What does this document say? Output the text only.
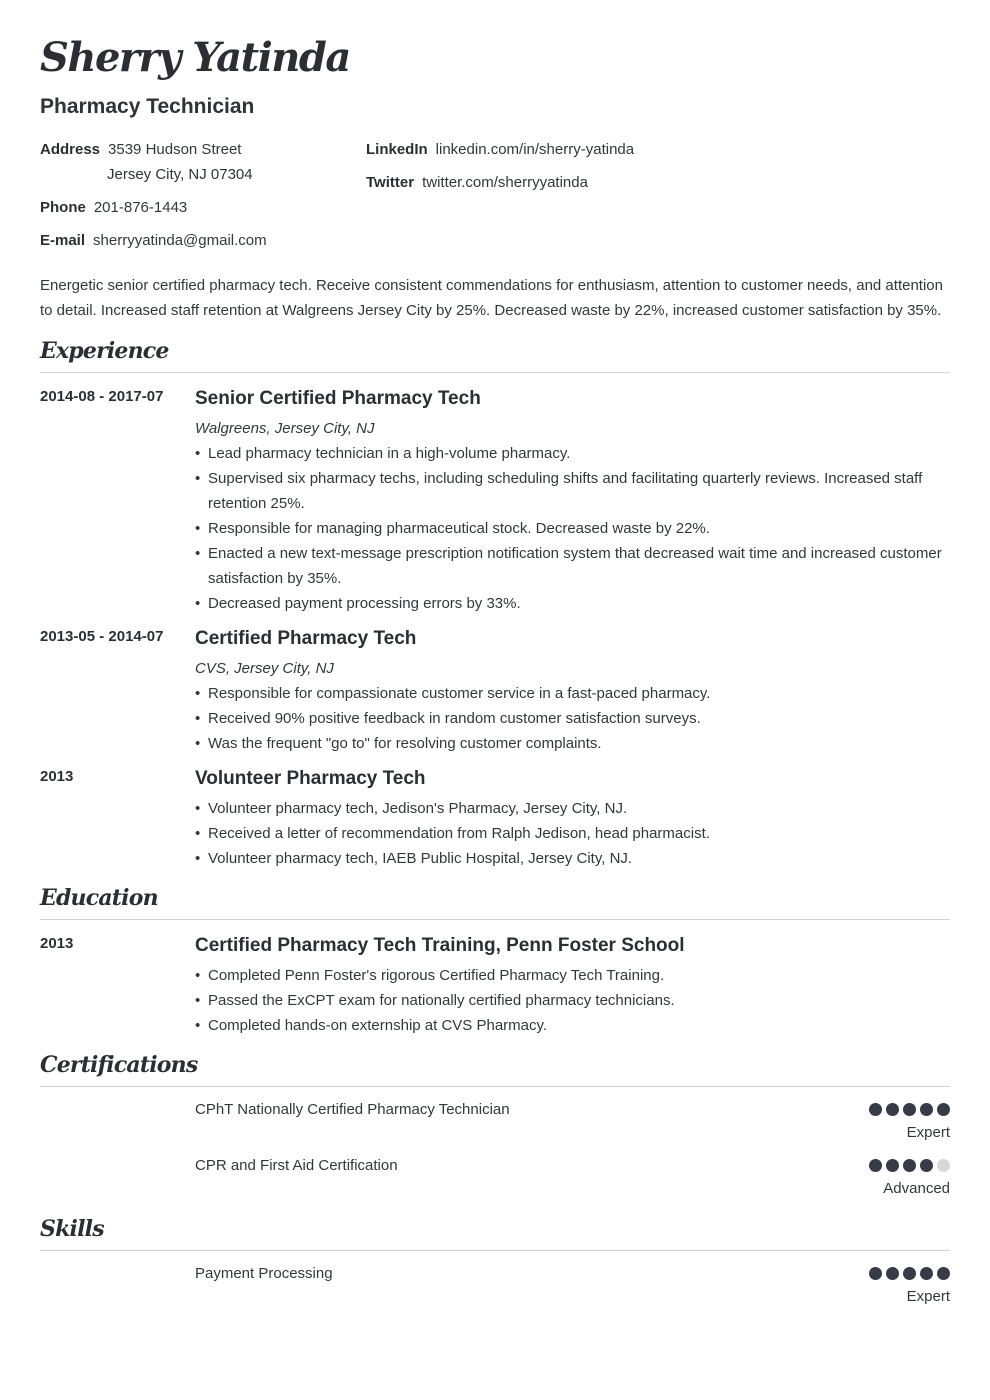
Sherry Yatinda
Pharmacy Technician
Address 3539 Hudson Street
Jersey City, NJ 07304
Phone 201-876-1443
E-mail sherryyatinda@gmail.com
LinkedIn linkedin.com/in/sherry-yatinda
Twitter twitter.com/sherryyatinda

Energetic senior certified pharmacy tech. Receive consistent commendations for enthusiasm, attention to customer needs, and attention to detail. Increased staff retention at Walgreens Jersey City by 25%. Decreased waste by 22%, increased customer satisfaction by 35%.

Experience
2014-08 - 2017-07 Senior Certified Pharmacy Tech

Walgreens, Jersey City, NJ

• Lead pharmacy technician in a high-volume pharmacy.
• Supervised six pharmacy techs, including scheduling shifts and facilitating quarterly reviews. Increased staff retention 25%.
• Responsible for managing pharmaceutical stock. Decreased waste by 22%.
• Enacted a new text-message prescription notification system that decreased wait time and increased customer satisfaction by 35%.
• Decreased payment processing errors by 33%.
2013-05 - 2014-07 Certified Pharmacy Tech

CVS, Jersey City, NJ

• Responsible for compassionate customer service in a fast-paced pharmacy.
• Received 90% positive feedback in random customer satisfaction surveys.
• Was the frequent "go to" for resolving customer complaints.
2013	Volunteer Pharmacy Tech
• Volunteer pharmacy tech, Jedison's Pharmacy, Jersey City, NJ.
• Received a letter of recommendation from Ralph Jedison, head pharmacist.
• Volunteer pharmacy tech, IAEB Public Hospital, Jersey City, NJ.
Education
2013	Certified Pharmacy Tech Training, Penn Foster School
• Completed Penn Foster's rigorous Certified Pharmacy Tech Training.
• Passed the ExCPT exam for nationally certified pharmacy technicians.
• Completed hands-on externship at CVS Pharmacy.
Certifications
CPhT Nationally Certified Pharmacy Technician
Expert
CPR and First Aid Certification
Advanced
Skills
Payment Processing
Expert
